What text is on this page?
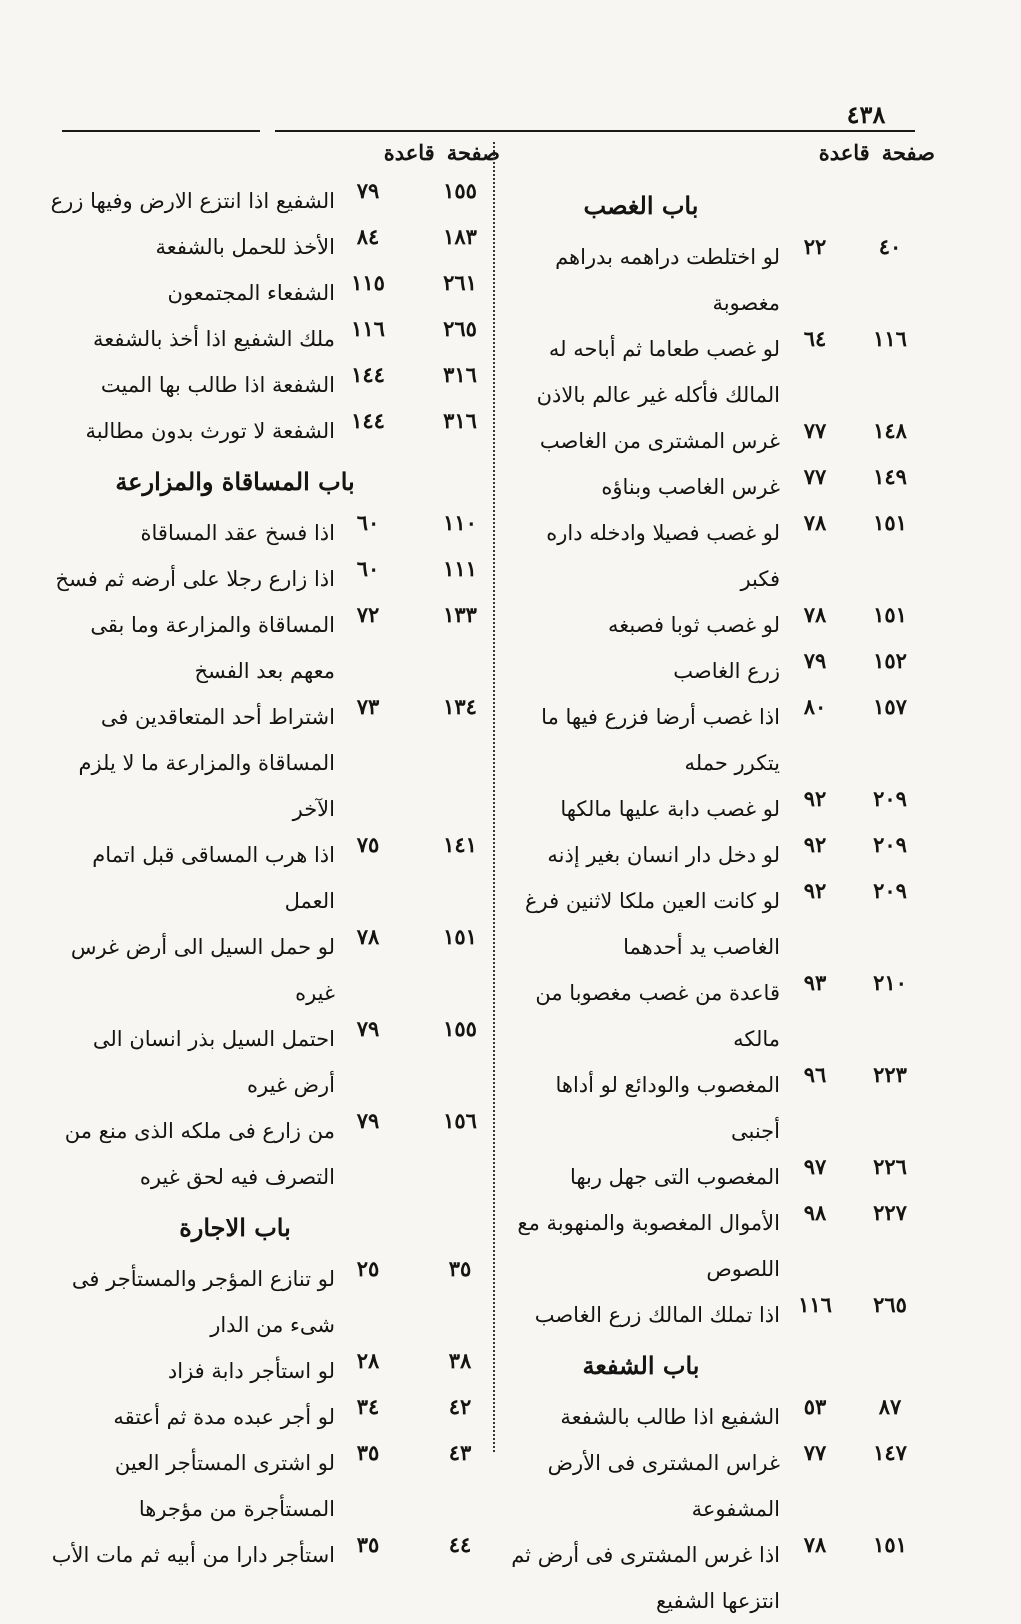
٤٣٨
صفحة
قاعدة
صفحة
قاعدة
باب الغصب
٤٠
٢٢
لو اختلطت دراهمه بدراهم مغصوبة
١١٦
٦٤
لو غصب طعاما ثم أباحه له المالك فأكله غير عالم بالاذن
١٤٨
٧٧
غرس المشترى من الغاصب
١٤٩
٧٧
غرس الغاصب وبناؤه
١٥١
٧٨
لو غصب فصيلا وادخله داره فكبر
١٥١
٧٨
لو غصب ثوبا فصبغه
١٥٢
٧٩
زرع الغاصب
١٥٧
٨٠
اذا غصب أرضا فزرع فيها ما يتكرر حمله
٢٠٩
٩٢
لو غصب دابة عليها مالكها
٢٠٩
٩٢
لو دخل دار انسان بغير إذنه
٢٠٩
٩٢
لو كانت العين ملكا لاثنين فرغ الغاصب يد أحدهما
٢١٠
٩٣
قاعدة من غصب مغصوبا من مالكه
٢٢٣
٩٦
المغصوب والودائع لو أداها أجنبى
٢٢٦
٩٧
المغصوب التى جهل ربها
٢٢٧
٩٨
الأموال المغصوبة والمنهوبة مع اللصوص
٢٦٥
١١٦
اذا تملك المالك زرع الغاصب
باب الشفعة
٨٧
٥٣
الشفيع اذا طالب بالشفعة
١٤٧
٧٧
غراس المشترى فى الأرض المشفوعة
١٥١
٧٨
اذا غرس المشترى فى أرض ثم انتزعها الشفيع
١٥٥
٧٩
الشفيع اذا انتزع الارض وفيها زرع
١٨٣
٨٤
الأخذ للحمل بالشفعة
٢٦١
١١٥
الشفعاء المجتمعون
٢٦٥
١١٦
ملك الشفيع اذا أخذ بالشفعة
٣١٦
١٤٤
الشفعة اذا طالب بها الميت
٣١٦
١٤٤
الشفعة لا تورث بدون مطالبة
باب المساقاة والمزارعة
١١٠
٦٠
اذا فسخ عقد المساقاة
١١١
٦٠
اذا زارع رجلا على أرضه ثم فسخ
١٣٣
٧٢
المساقاة والمزارعة وما بقى معهم بعد الفسخ
١٣٤
٧٣
اشتراط أحد المتعاقدين فى المساقاة والمزارعة ما لا يلزم الآخر
١٤١
٧٥
اذا هرب المساقى قبل اتمام العمل
١٥١
٧٨
لو حمل السيل الى أرض غرس غيره
١٥٥
٧٩
احتمل السيل بذر انسان الى أرض غيره
١٥٦
٧٩
من زارع فى ملكه الذى منع من التصرف فيه لحق غيره
باب الاجارة
٣٥
٢٥
لو تنازع المؤجر والمستأجر فى شىء من الدار
٣٨
٢٨
لو استأجر دابة فزاد
٤٢
٣٤
لو أجر عبده مدة ثم أعتقه
٤٣
٣٥
لو اشترى المستأجر العين المستأجرة من مؤجرها
٤٤
٣٥
استأجر دارا من أبيه ثم مات الأب
